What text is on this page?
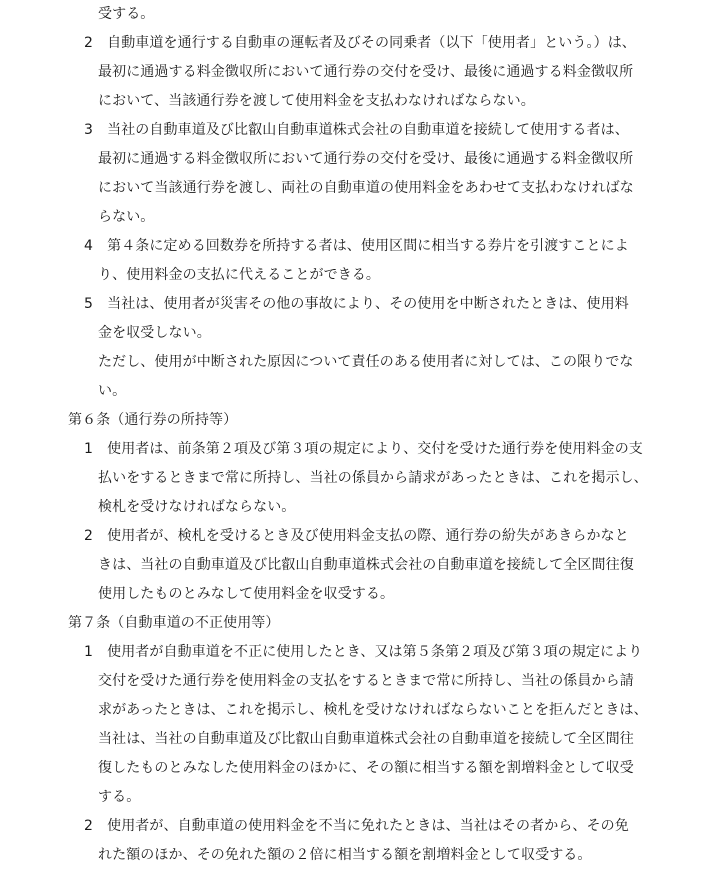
受する。
2　自動車道を通行する自動車の運転者及びその同乗者（以下「使用者」という。）は、
最初に通過する料金徴収所において通行券の交付を受け、最後に通過する料金徴収所
において、当該通行券を渡して使用料金を支払わなければならない。
3　当社の自動車道及び比叡山自動車道株式会社の自動車道を接続して使用する者は、
最初に通過する料金徴収所において通行券の交付を受け、最後に通過する料金徴収所
において当該通行券を渡し、両社の自動車道の使用料金をあわせて支払わなければな
らない。
4　第４条に定める回数券を所持する者は、使用区間に相当する券片を引渡すことによ
り、使用料金の支払に代えることができる。
5　当社は、使用者が災害その他の事故により、その使用を中断されたときは、使用料
金を収受しない。
ただし、使用が中断された原因について責任のある使用者に対しては、この限りでな
い。
第６条（通行券の所持等）
1　使用者は、前条第２項及び第３項の規定により、交付を受けた通行券を使用料金の支
払いをするときまで常に所持し、当社の係員から請求があったときは、これを掲示し、
検札を受けなければならない。
2　使用者が、検札を受けるとき及び使用料金支払の際、通行券の紛失があきらかなと
きは、当社の自動車道及び比叡山自動車道株式会社の自動車道を接続して全区間往復
使用したものとみなして使用料金を収受する。
第７条（自動車道の不正使用等）
1　使用者が自動車道を不正に使用したとき、又は第５条第２項及び第３項の規定により
交付を受けた通行券を使用料金の支払をするときまで常に所持し、当社の係員から請
求があったときは、これを掲示し、検札を受けなければならないことを拒んだときは、
当社は、当社の自動車道及び比叡山自動車道株式会社の自動車道を接続して全区間往
復したものとみなした使用料金のほかに、その額に相当する額を割増料金として収受
する。
2　使用者が、自動車道の使用料金を不当に免れたときは、当社はその者から、その免
れた額のほか、その免れた額の２倍に相当する額を割増料金として収受する。
